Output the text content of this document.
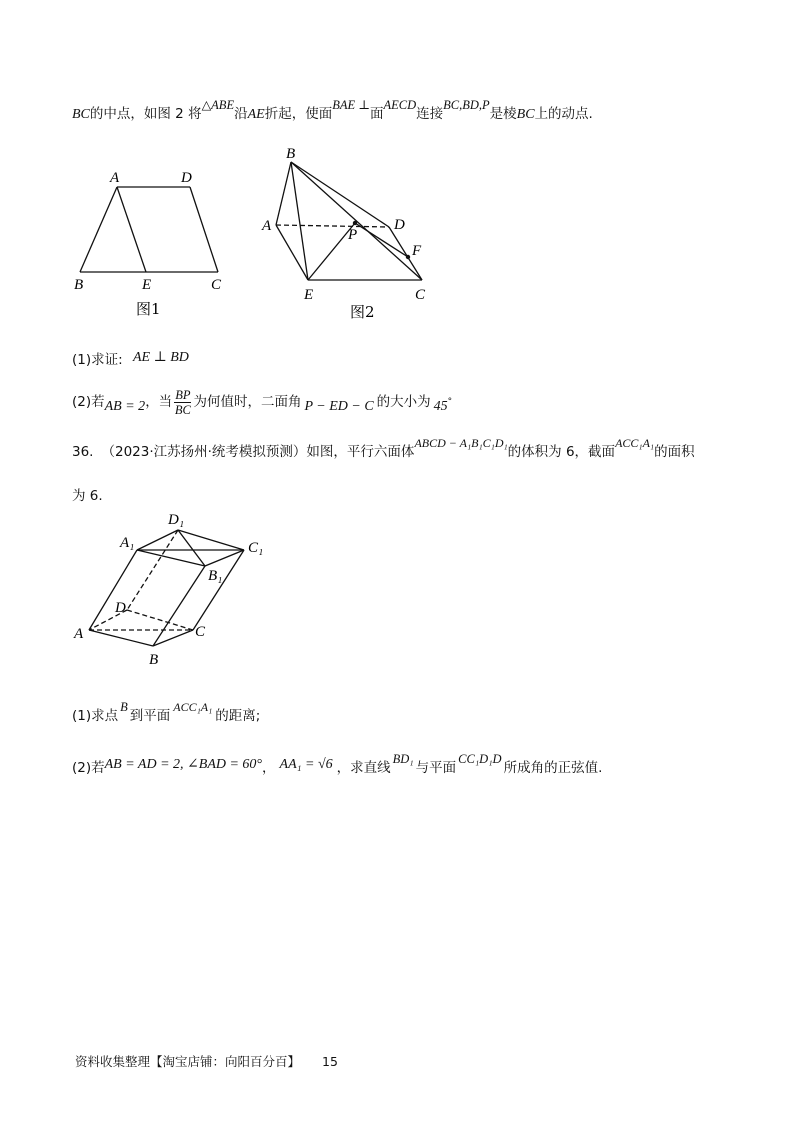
BC的中点，如图 2 将△ABE沿AE折起，使面BAE ⊥面AECD连接BC,BD,P是棱BC上的动点.
A	D
B	E	C
图1
B
A
P
D
F
E	C
图2
(1)求证: AE ⊥ BD
(2)若AB = 2，当 $\frac{BP}{BC}$ 为何值时，二面角 P − ED − C 的大小为 45°
36. （2023·江苏扬州·统考模拟预测）如图，平行六面体ABCD − A₁B₁C₁D₁的体积为 6，截面ACC₁A₁的面积
为 6.
D₁
A₁	C₁
B₁
D
A	C
B
(1)求点B到平面ACC₁A₁的距离;
(2)若AB = AD = 2, ∠BAD = 60°， AA₁ = √6 ，求直线BD₁与平面CC₁D₁D所成角的正弦值.
资料收集整理【淘宝店铺：向阳百分百】 15
